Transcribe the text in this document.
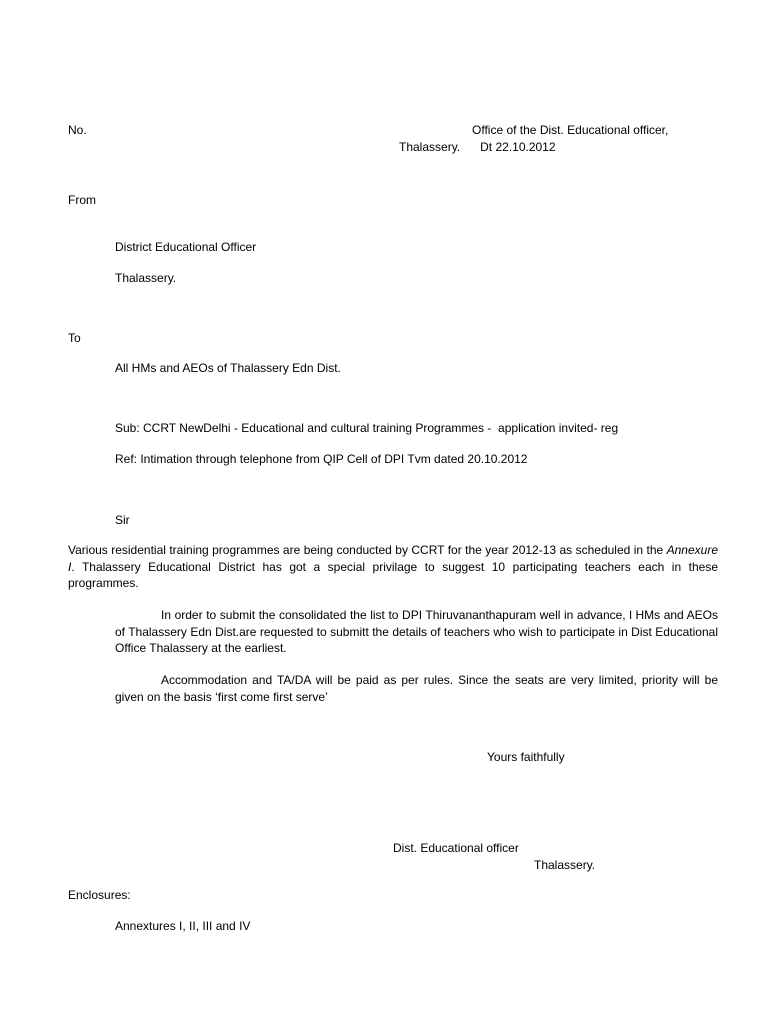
No.	Office of the Dist. Educational officer,
Thalassery.      Dt 22.10.2012
From
District Educational Officer
Thalassery.
To
All HMs and AEOs of Thalassery Edn Dist.
Sub: CCRT NewDelhi - Educational and cultural training Programmes -  application invited- reg
Ref: Intimation through telephone from QIP Cell of DPI Tvm dated 20.10.2012
Sir
Various residential training programmes are being conducted by CCRT for the year 2012-13 as scheduled in the Annexure I. Thalassery Educational District has got a special privilage to suggest 10 participating teachers each in these programmes.
In order to submit the consolidated the list to DPI Thiruvananthapuram well in advance, l HMs and AEOs of Thalassery Edn Dist.are requested to submitt the details of teachers who wish to participate in Dist Educational Office Thalassery at the earliest.
Accommodation and TA/DA will be paid as per rules. Since the seats are very limited, priority will be given on the basis ‘first come first serve’
Yours faithfully
Dist. Educational officer
Thalassery.
Enclosures:
Annextures I, II, III and IV
